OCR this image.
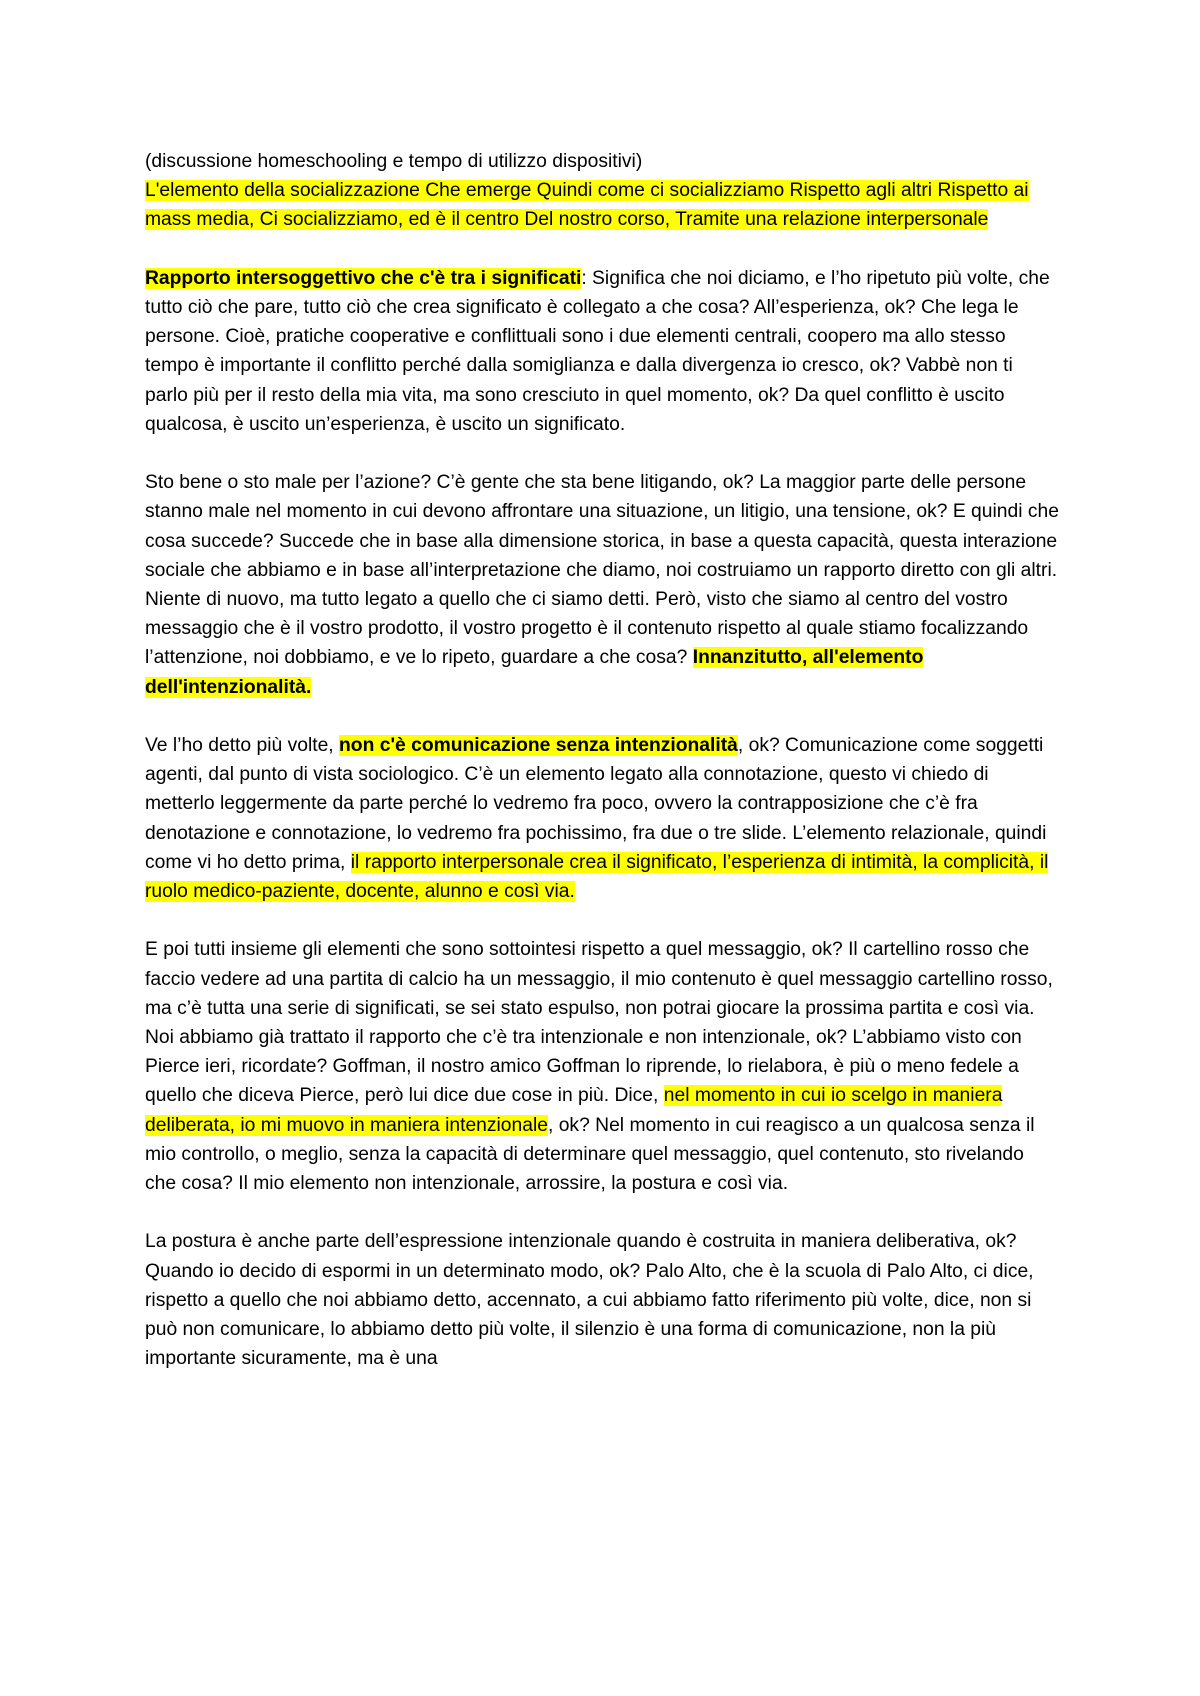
(discussione homeschooling e tempo di utilizzo dispositivi)
L'elemento della socializzazione Che emerge Quindi come ci socializziamo Rispetto agli altri Rispetto ai mass media, Ci socializziamo, ed è il centro Del nostro corso, Tramite una relazione interpersonale

Rapporto intersoggettivo che c'è tra i significati: Significa che noi diciamo, e l’ho ripetuto più volte, che tutto ciò che pare, tutto ciò che crea significato è collegato a che cosa? All’esperienza, ok? Che lega le persone. Cioè, pratiche cooperative e conflittuali sono i due elementi centrali, coopero ma allo stesso tempo è importante il conflitto perché dalla somiglianza e dalla divergenza io cresco, ok? Vabbè non ti parlo più per il resto della mia vita, ma sono cresciuto in quel momento, ok? Da quel conflitto è uscito qualcosa, è uscito un’esperienza, è uscito un significato.

Sto bene o sto male per l’azione? C’è gente che sta bene litigando, ok? La maggior parte delle persone stanno male nel momento in cui devono affrontare una situazione, un litigio, una tensione, ok? E quindi che cosa succede? Succede che in base alla dimensione storica, in base a questa capacità, questa interazione sociale che abbiamo e in base all’interpretazione che diamo, noi costruiamo un rapporto diretto con gli altri. Niente di nuovo, ma tutto legato a quello che ci siamo detti. Però, visto che siamo al centro del vostro messaggio che è il vostro prodotto, il vostro progetto è il contenuto rispetto al quale stiamo focalizzando l’attenzione, noi dobbiamo, e ve lo ripeto, guardare a che cosa? Innanzitutto, all'elemento dell'intenzionalità.

Ve l’ho detto più volte, non c'è comunicazione senza intenzionalità, ok? Comunicazione come soggetti agenti, dal punto di vista sociologico. C’è un elemento legato alla connotazione, questo vi chiedo di metterlo leggermente da parte perché lo vedremo fra poco, ovvero la contrapposizione che c’è fra denotazione e connotazione, lo vedremo fra pochissimo, fra due o tre slide. L’elemento relazionale, quindi come vi ho detto prima, il rapporto interpersonale crea il significato, l’esperienza di intimità, la complicità, il ruolo medico-paziente, docente, alunno e così via.

E poi tutti insieme gli elementi che sono sottointesi rispetto a quel messaggio, ok? Il cartellino rosso che faccio vedere ad una partita di calcio ha un messaggio, il mio contenuto è quel messaggio cartellino rosso, ma c’è tutta una serie di significati, se sei stato espulso, non potrai giocare la prossima partita e così via. Noi abbiamo già trattato il rapporto che c’è tra intenzionale e non intenzionale, ok? L’abbiamo visto con Pierce ieri, ricordate? Goffman, il nostro amico Goffman lo riprende, lo rielabora, è più o meno fedele a quello che diceva Pierce, però lui dice due cose in più. Dice, nel momento in cui io scelgo in maniera deliberata, io mi muovo in maniera intenzionale, ok? Nel momento in cui reagisco a un qualcosa senza il mio controllo, o meglio, senza la capacità di determinare quel messaggio, quel contenuto, sto rivelando che cosa? Il mio elemento non intenzionale, arrossire, la postura e così via.

La postura è anche parte dell’espressione intenzionale quando è costruita in maniera deliberativa, ok? Quando io decido di espormi in un determinato modo, ok? Palo Alto, che è la scuola di Palo Alto, ci dice, rispetto a quello che noi abbiamo detto, accennato, a cui abbiamo fatto riferimento più volte, dice, non si può non comunicare, lo abbiamo detto più volte, il silenzio è una forma di comunicazione, non la più importante sicuramente, ma è una
